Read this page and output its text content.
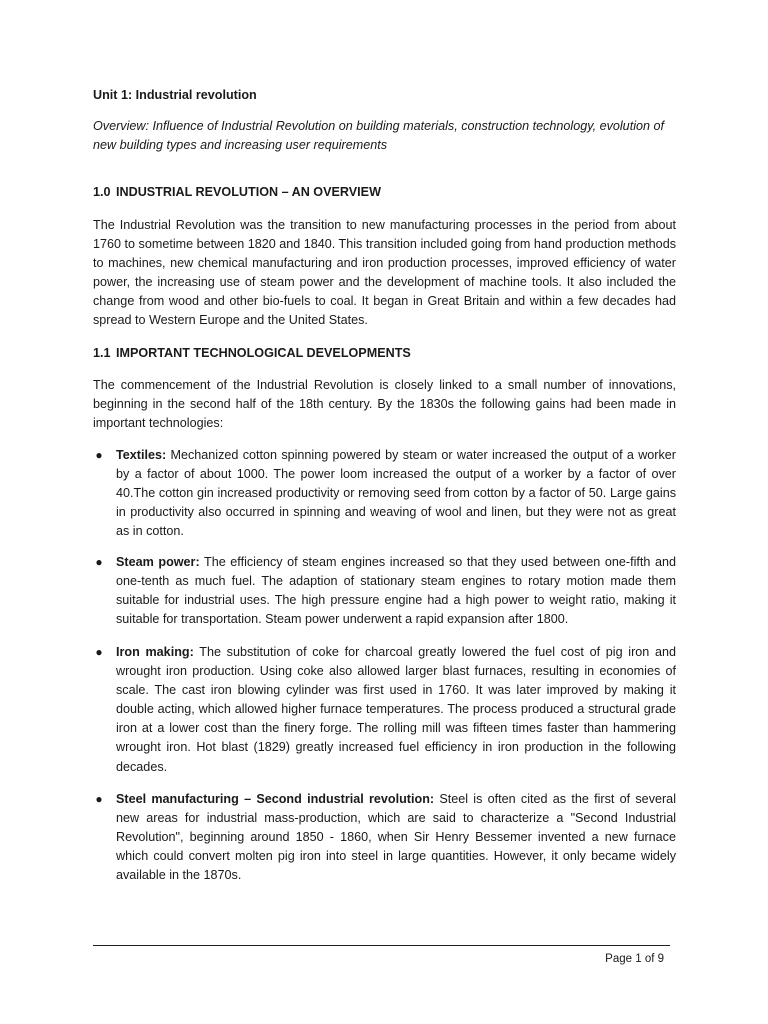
Unit 1: Industrial revolution

Overview: Influence of Industrial Revolution on building materials, construction technology, evolution of new building types and increasing user requirements

1.0 INDUSTRIAL REVOLUTION – AN OVERVIEW

The Industrial Revolution was the transition to new manufacturing processes in the period from about 1760 to sometime between 1820 and 1840. This transition included going from hand production methods to machines, new chemical manufacturing and iron production processes, improved efficiency of water power, the increasing use of steam power and the development of machine tools. It also included the change from wood and other bio-fuels to coal. It began in Great Britain and within a few decades had spread to Western Europe and the United States.

1.1 IMPORTANT TECHNOLOGICAL DEVELOPMENTS

The commencement of the Industrial Revolution is closely linked to a small number of innovations, beginning in the second half of the 18th century. By the 1830s the following gains had been made in important technologies:

●	Textiles: Mechanized cotton spinning powered by steam or water increased the output of a worker by a factor of about 1000. The power loom increased the output of a worker by a factor of over 40.The cotton gin increased productivity or removing seed from cotton by a factor of 50. Large gains in productivity also occurred in spinning and weaving of wool and linen, but they were not as great as in cotton.
●	Steam power: The efficiency of steam engines increased so that they used between one-fifth and one-tenth as much fuel. The adaption of stationary steam engines to rotary motion made them suitable for industrial uses. The high pressure engine had a high power to weight ratio, making it suitable for transportation. Steam power underwent a rapid expansion after 1800.
●	Iron making: The substitution of coke for charcoal greatly lowered the fuel cost of pig iron and wrought iron production. Using coke also allowed larger blast furnaces, resulting in economies of scale. The cast iron blowing cylinder was first used in 1760. It was later improved by making it double acting, which allowed higher furnace temperatures. The process produced a structural grade iron at a lower cost than the finery forge. The rolling mill was fifteen times faster than hammering wrought iron. Hot blast (1829) greatly increased fuel efficiency in iron production in the following decades.
●	Steel manufacturing – Second industrial revolution: Steel is often cited as the first of several new areas for industrial mass-production, which are said to characterize a "Second Industrial Revolution", beginning around 1850 - 1860, when Sir Henry Bessemer invented a new furnace which could convert molten pig iron into steel in large quantities. However, it only became widely available in the 1870s.
Page 1 of 9
